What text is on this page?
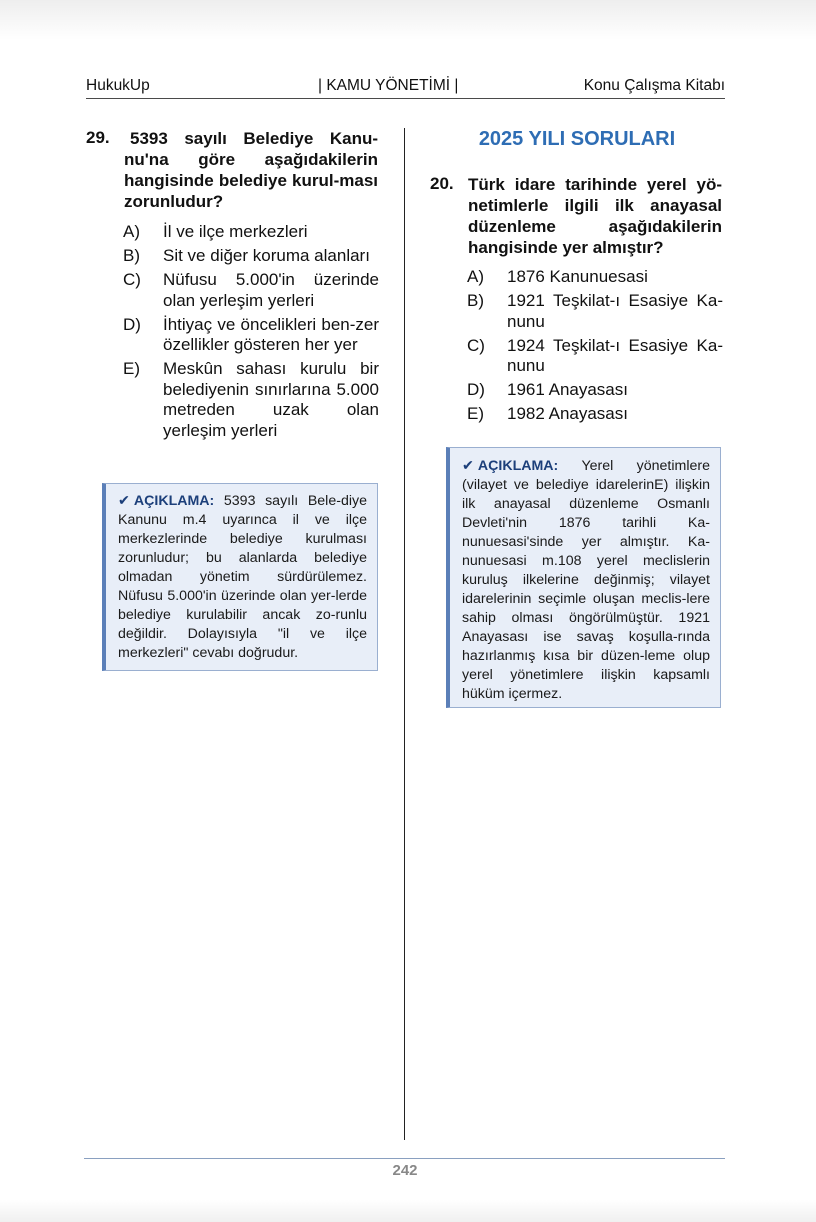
HukukUp	| KAMU YÖNETİMİ |	Konu Çalışma Kitabı
29.	5393 sayılı Belediye Kanu-nu'na göre aşağıdakilerin hangisinde belediye kurul-ması zorunludur?
A) İl ve ilçe merkezleri
B) Sit ve diğer koruma alanları
C) Nüfusu 5.000'in üzerinde olan yerleşim yerleri
D) İhtiyaç ve öncelikleri ben-zer özellikler gösteren her yer
E) Meskûn sahası kurulu bir belediyenin sınırlarına 5.000 metreden uzak olan yerleşim yerleri
✔ AÇIKLAMA: 5393 sayılı Bele-diye Kanunu m.4 uyarınca il ve ilçe merkezlerinde belediye kurulması zorunludur; bu alanlarda belediye olmadan yönetim sürdürülemez. Nüfusu 5.000'in üzerinde olan yer-lerde belediye kurulabilir ancak zo-runlu değildir. Dolayısıyla "il ve ilçe merkezleri" cevabı doğrudur.
2025 YILI SORULARI
20. Türk idare tarihinde yerel yö-netimlerle ilgili ilk anayasal düzenleme aşağıdakilerin hangisinde yer almıştır?
A) 1876 Kanunuesasi
B) 1921 Teşkilat-ı Esasiye Ka-nunu
C) 1924 Teşkilat-ı Esasiye Ka-nunu
D) 1961 Anayasası
E) 1982 Anayasası
✔ AÇIKLAMA: Yerel yönetimlere (vilayet ve belediye idarelerinE) ilişkin ilk anayasal düzenleme Osmanlı Devleti'nin 1876 tarihli Ka-nunuesasi'sinde yer almıştır. Ka-nunuesasi m.108 yerel meclislerin kuruluş ilkelerine değinmiş; vilayet idarelerinin seçimle oluşan meclis-lere sahip olması öngörülmüştür. 1921 Anayasası ise savaş koşulla-rında hazırlanmış kısa bir düzen-leme olup yerel yönetimlere ilişkin kapsamlı hüküm içermez.
242
